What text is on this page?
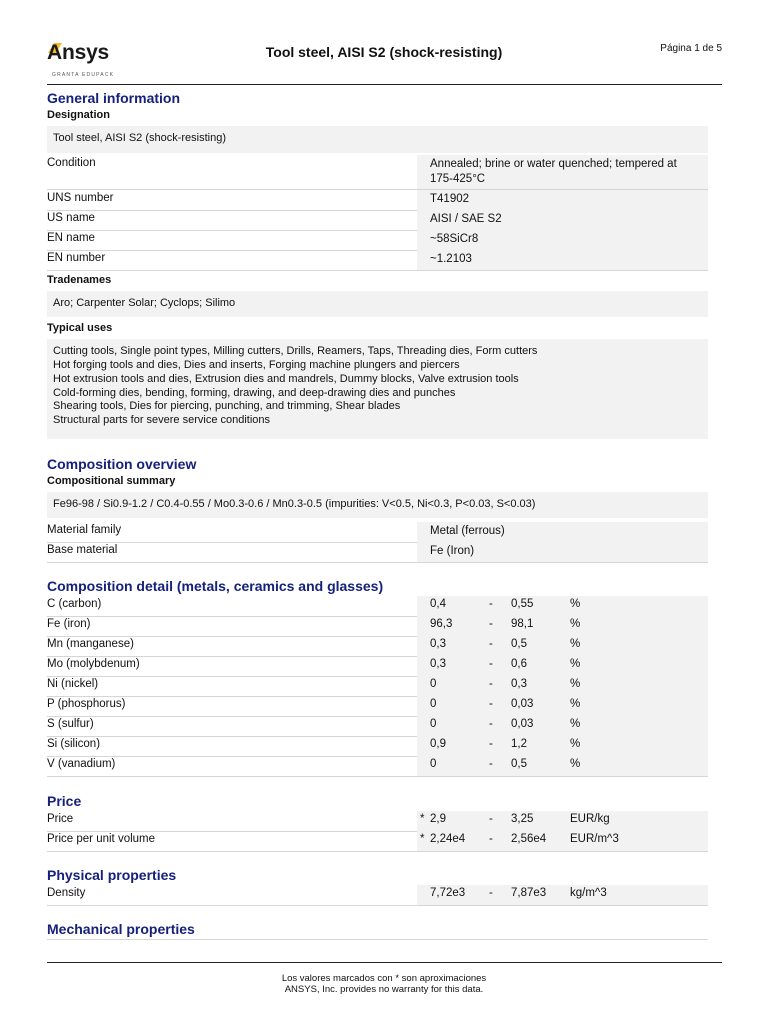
Ansys
GRANTA EDUPACK
Tool steel, AISI S2 (shock-resisting)	Página 1 de 5
General information
Designation
Tool steel, AISI S2 (shock-resisting)
Condition	Annealed; brine or water quenched; tempered at 175-425°C
UNS number	T41902
US name	AISI / SAE S2
EN name	~58SiCr8
EN number	~1.2103
Tradenames
Aro; Carpenter Solar; Cyclops; Silimo
Typical uses
Cutting tools, Single point types, Milling cutters, Drills, Reamers, Taps, Threading dies, Form cutters
Hot forging tools and dies, Dies and inserts, Forging machine plungers and piercers
Hot extrusion tools and dies, Extrusion dies and mandrels, Dummy blocks, Valve extrusion tools
Cold-forming dies, bending, forming, drawing, and deep-drawing dies and punches
Shearing tools, Dies for piercing, punching, and trimming, Shear blades
Structural parts for severe service conditions
Composition overview
Compositional summary
Fe96-98 / Si0.9-1.2 / C0.4-0.55 / Mo0.3-0.6 / Mn0.3-0.5 (impurities: V<0.5, Ni<0.3, P<0.03, S<0.03)
Material family	Metal (ferrous)
Base material	Fe (Iron)
Composition detail (metals, ceramics and glasses)
C (carbon)	0,4	- 0,55	%
Fe (iron)	96,3	- 98,1	%
Mn (manganese)	0,3	- 0,5	%
Mo (molybdenum)	0,3	- 0,6	%
Ni (nickel)	0	- 0,3	%
P (phosphorus)	0	- 0,03	%
S (sulfur)	0	- 0,03	%
Si (silicon)	0,9	- 1,2	%
V (vanadium)	0	- 0,5	%
Price
Price	* 2,9	- 3,25	EUR/kg
Price per unit volume	* 2,24e4 - 2,56e4 EUR/m^3
Physical properties
Density	7,72e3 - 7,87e3 kg/m^3
Mechanical properties
Los valores marcados con * son aproximaciones
ANSYS, Inc. provides no warranty for this data.
